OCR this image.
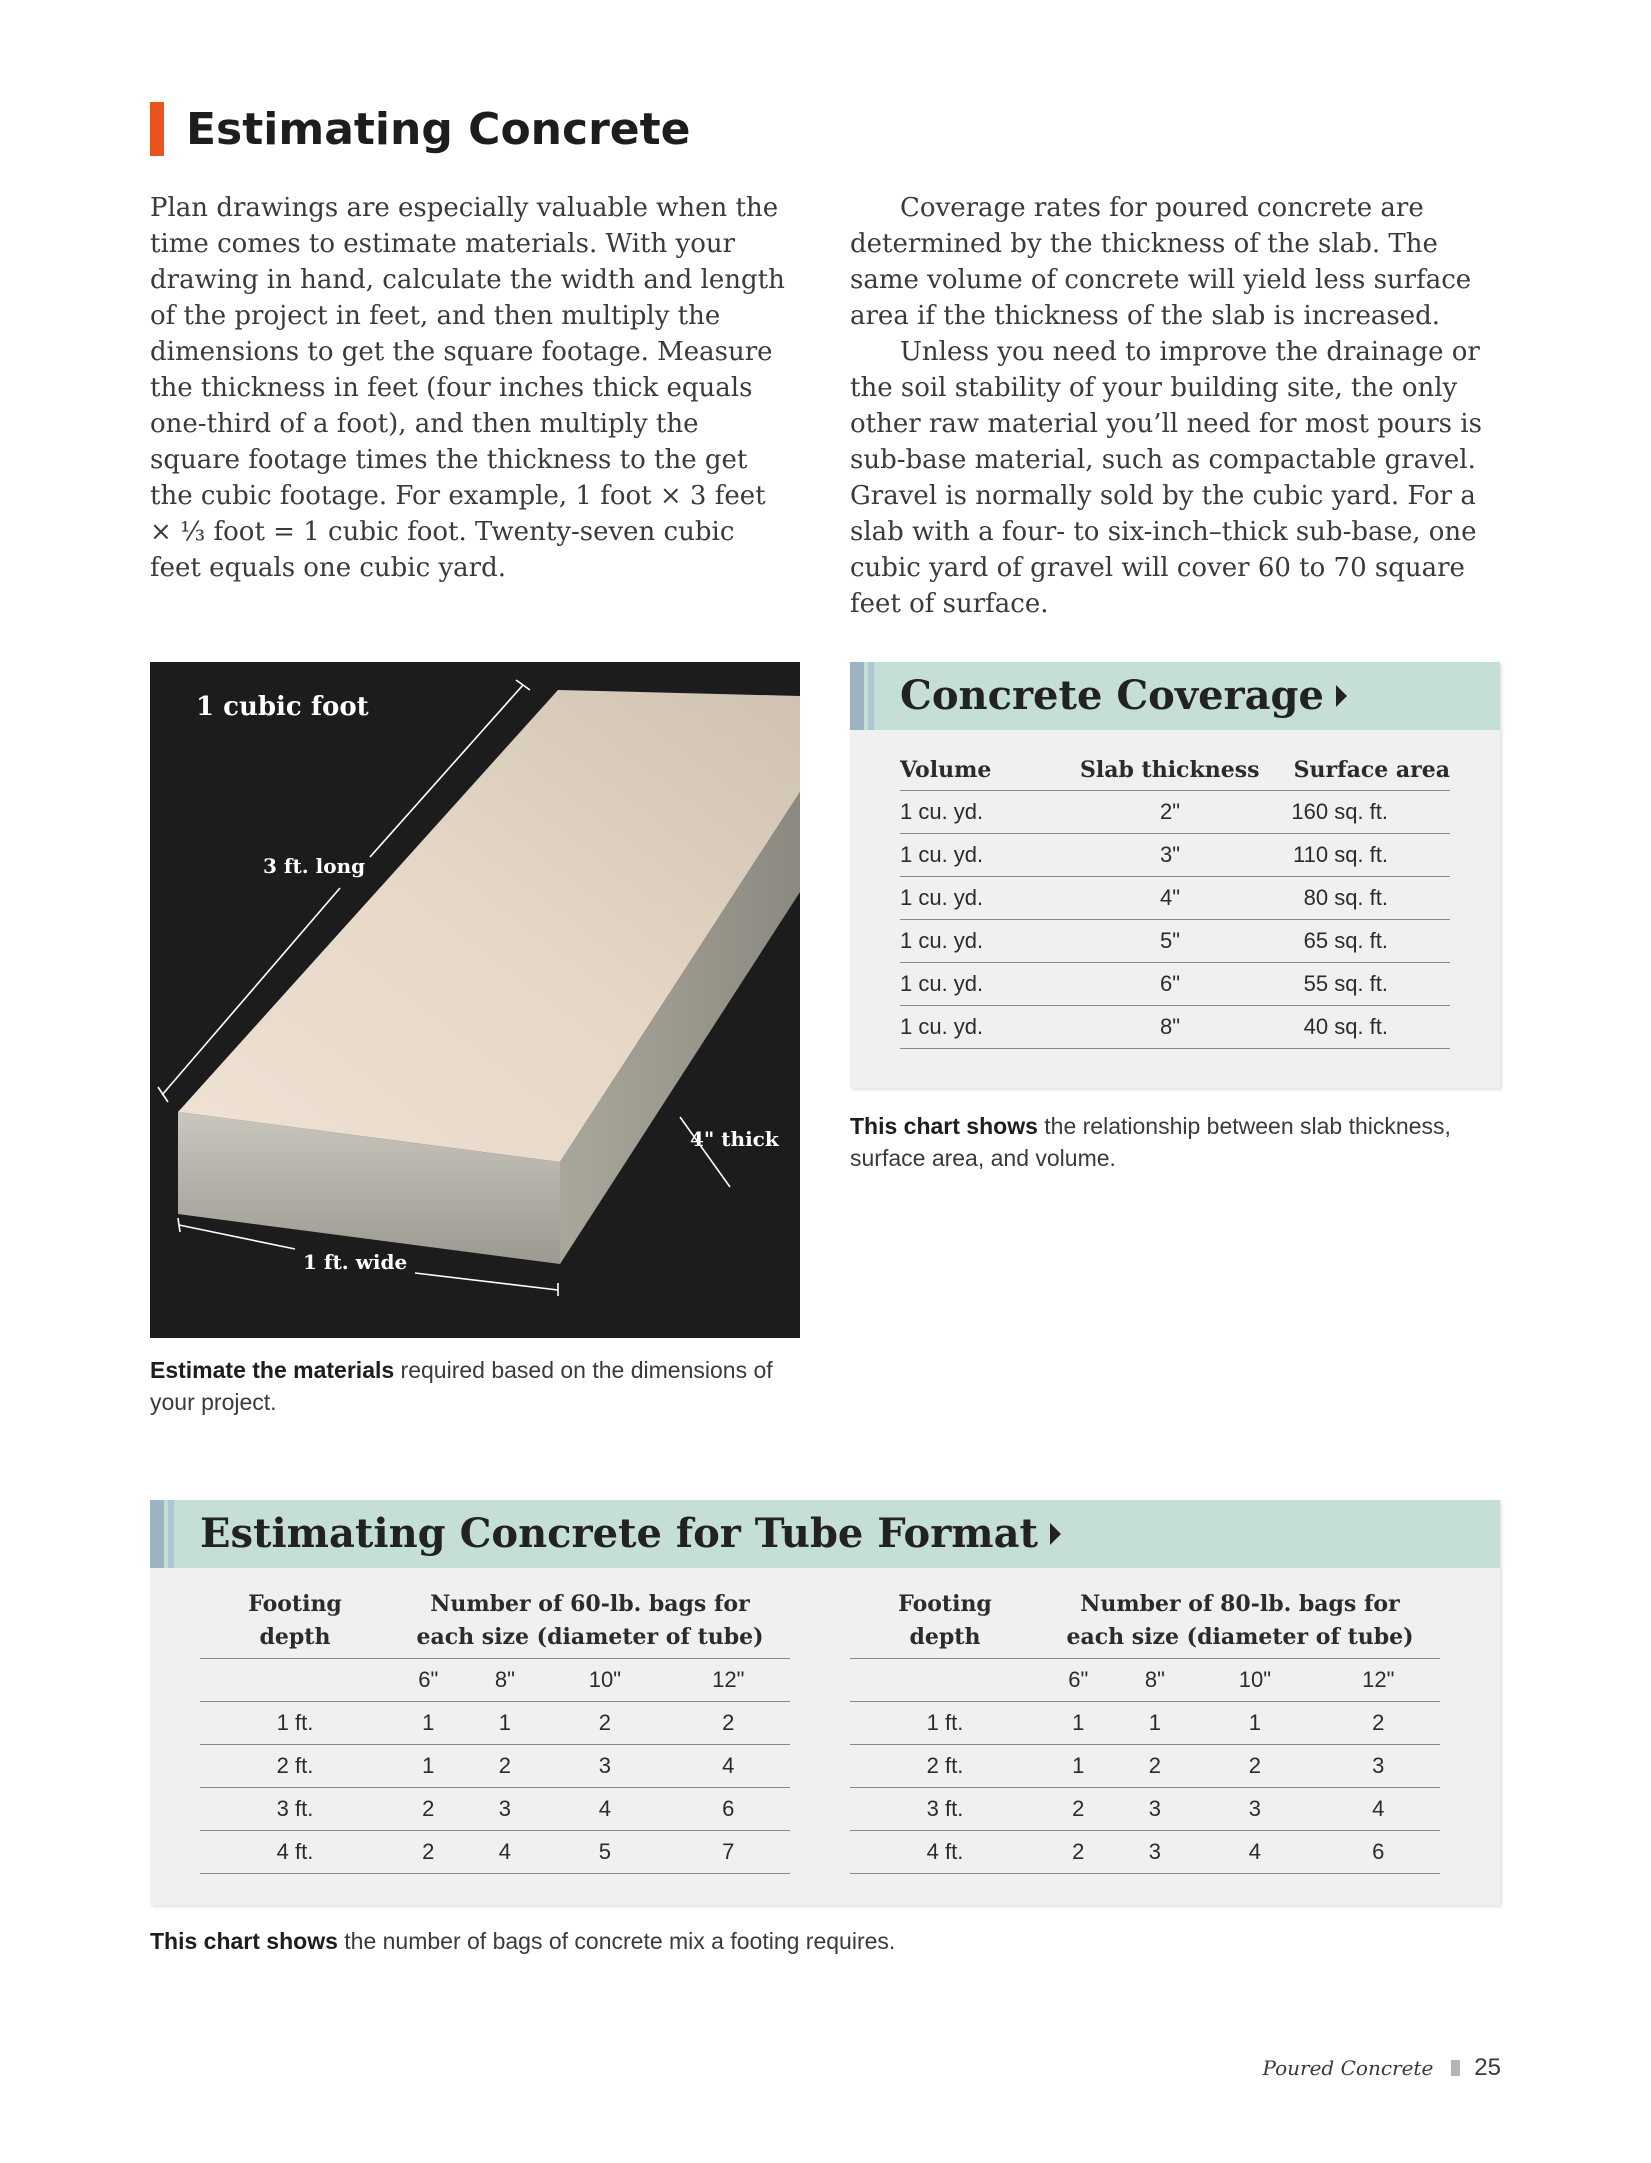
Estimating Concrete

Plan drawings are especially valuable when the time comes to estimate materials. With your drawing in hand, calculate the width and length of the project in feet, and then multiply the dimensions to get the square footage. Measure the thickness in feet (four inches thick equals one-third of a foot), and then multiply the square footage times the thickness to the get the cubic footage. For example, 1 foot × 3 feet × ⅓ foot = 1 cubic foot. Twenty-seven cubic feet equals one cubic yard.

Coverage rates for poured concrete are determined by the thickness of the slab. The same volume of concrete will yield less surface area if the thickness of the slab is increased.

Unless you need to improve the drainage or the soil stability of your building site, the only other raw material you’ll need for most pours is sub-base material, such as compactable gravel. Gravel is normally sold by the cubic yard. For a slab with a four- to six-inch–thick sub-base, one cubic yard of gravel will cover 60 to 70 square feet of surface.

1 cubic foot
3 ft. long
4" thick
1 ft. wide
Estimate the materials required based on the dimensions of your project.
Concrete Coverage
Volume	Slab thickness	Surface area
1 cu. yd.	2"	160 sq. ft.
1 cu. yd.	3"	110 sq. ft.
1 cu. yd.	4"	80 sq. ft.
1 cu. yd.	5"	65 sq. ft.
1 cu. yd.	6"	55 sq. ft.
1 cu. yd.	8"	40 sq. ft.
This chart shows the relationship between slab thickness, surface area, and volume.
Estimating Concrete for Tube Format
Footing
depth	Number of 60-lb. bags for
each size (diameter of tube)			
	6"	8"	10"	12"
1 ft.	1	1	2	2
2 ft.	1	2	3	4
3 ft.	2	3	4	6
4 ft.	2	4	5	7
Footing
depth	Number of 80-lb. bags for
each size (diameter of tube)			
	6"	8"	10"	12"
1 ft.	1	1	1	2
2 ft.	1	2	2	3
3 ft.	2	3	3	4
4 ft.	2	3	4	6
This chart shows the number of bags of concrete mix a footing requires.
Poured Concrete 25
